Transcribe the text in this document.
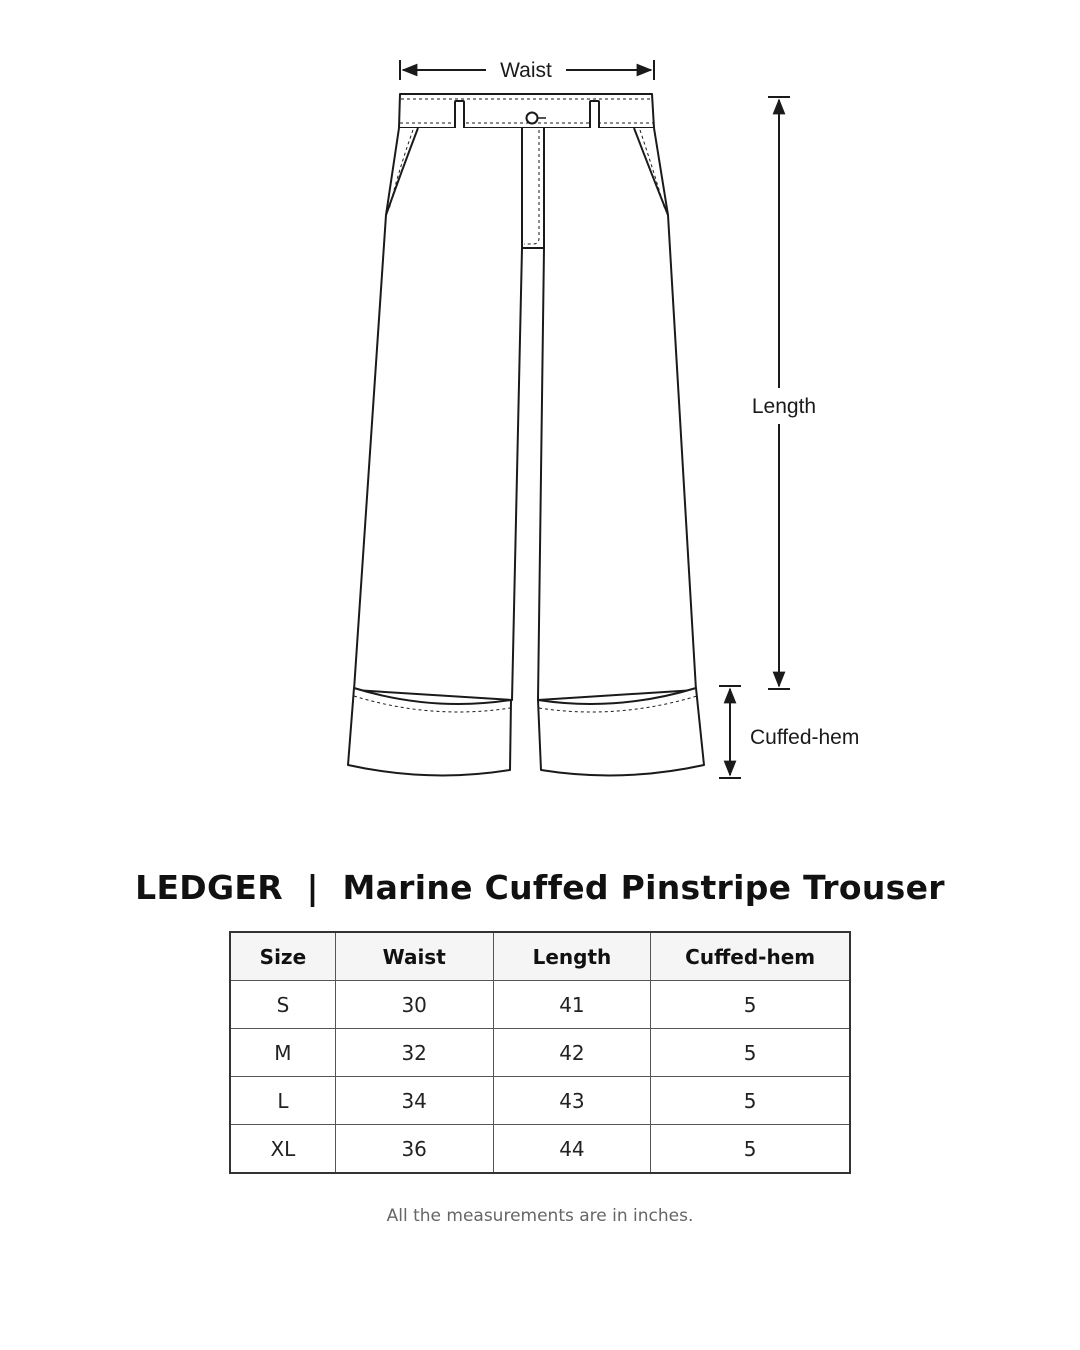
Waist
Length
Cuffed-hem
LEDGER  |  Marine Cuffed Pinstripe Trouser
Size	Waist	Length	Cuffed-hem
S	30	41	5
M	32	42	5
L	34	43	5
XL	36	44	5
All the measurements are in inches.
